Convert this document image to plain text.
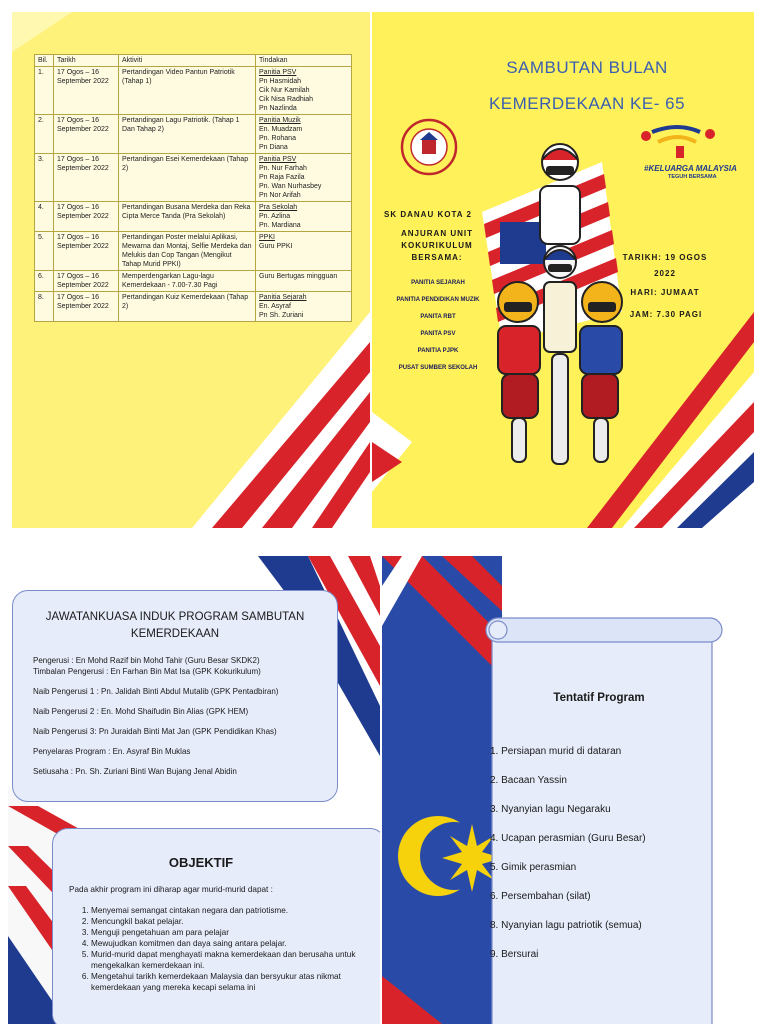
Bil.	Tarikh	Aktiviti	Tindakan
1.	17 Ogos – 16 September 2022	Pertandingan Video Pantun Patriotik (Tahap 1)	Panitia PSV
Pn Hasmidah
Cik Nur Kamilah
Cik Nisa Radhiah
Pn Nazlinda

2.	17 Ogos – 16 September 2022	Pertandingan Lagu Patriotik. (Tahap 1 Dan Tahap 2)	Panitia Muzik
En. Muadzam
Pn. Rohana
Pn Diana

3.	17 Ogos – 16 September 2022	Pertandingan Esei Kemerdekaan (Tahap 2)	Panitia PSV
Pn. Nur Farhah
Pn Raja Fazila
Pn. Wan Nurhasbey
Pn Nor Arifah

4.	17 Ogos – 16 September 2022	Pertandingan Busana Merdeka dan Reka Cipta Merce Tanda (Pra Sekolah)	Pra Sekolah
Pn. Azlina
Pn. Mardiana

5.	17 Ogos – 16 September 2022	Pertandingan Poster melalui Aplikasi, Mewarna dan Montaj, Selfie Merdeka dan Melukis dan Cop Tangan (Mengikut Tahap Murid PPKI)	PPKI
Guru PPKI

6.	17 Ogos – 16 September 2022	Memperdengarkan Lagu-lagu Kemerdekaan - 7.00-7.30 Pagi	Guru Bertugas mingguan

8.	17 Ogos – 16 September 2022	Pertandingan Kuiz Kemerdekaan (Tahap 2)	Panitia Sejarah
En. Asyraf
Pn Sh. Zuriani
SAMBUTAN BULAN
KEMERDEKAAN KE- 65
#KELUARGA MALAYSIA
TEGUH BERSAMA
SK DANAU KOTA 2
ANJURAN UNIT KOKURIKULUM BERSAMA:
PANITIA SEJARAH
PANITIA PENDIDIKAN MUZIK
PANITA RBT
PANITA PSV
PANITIA PJPK
PUSAT SUMBER SEKOLAH
TARIKH: 19 OGOS 2022
HARI: JUMAAT
JAM: 7.30 PAGI
JAWATANKUASA INDUK PROGRAM SAMBUTAN KEMERDEKAAN
Pengerusi : En Mohd Razif bin Mohd Tahir (Guru Besar SKDK2)
Timbalan Pengerusi : En Farhan Bin Mat Isa (GPK Kokurikulum)
Naib Pengerusi 1 : Pn. Jalidah Binti Abdul Mutalib (GPK Pentadbiran)
Naib Pengerusi 2 : En. Mohd Shaifudin Bin Alias (GPK HEM)
Naib Pengerusi 3: Pn Juraidah Binti Mat Jan (GPK Pendidikan Khas)
Penyelaras Program : En. Asyraf Bin Muklas
Setiusaha : Pn. Sh. Zuriani Binti Wan Bujang Jenal Abidin
OBJEKTIF
Pada akhir program ini diharap agar murid-murid dapat :
1. Menyemai semangat cintakan negara dan patriotisme.
2. Mencungkil bakat pelajar.
3. Menguji pengetahuan am para pelajar
4. Mewujudkan komitmen dan daya saing antara pelajar.
5. Murid-murid dapat menghayati makna kemerdekaan dan berusaha untuk mengekalkan kemerdekaan ini.
6. Mengetahui tarikh kemerdekaan Malaysia dan bersyukur atas nikmat kemerdekaan yang mereka kecapi selama ini
Tentatif Program
1. Persiapan murid di dataran
2. Bacaan Yassin
3. Nyanyian lagu Negaraku
4. Ucapan perasmian (Guru Besar)
5. Gimik perasmian
6. Persembahan (silat)
8. Nyanyian lagu patriotik (semua)
9. Bersurai
